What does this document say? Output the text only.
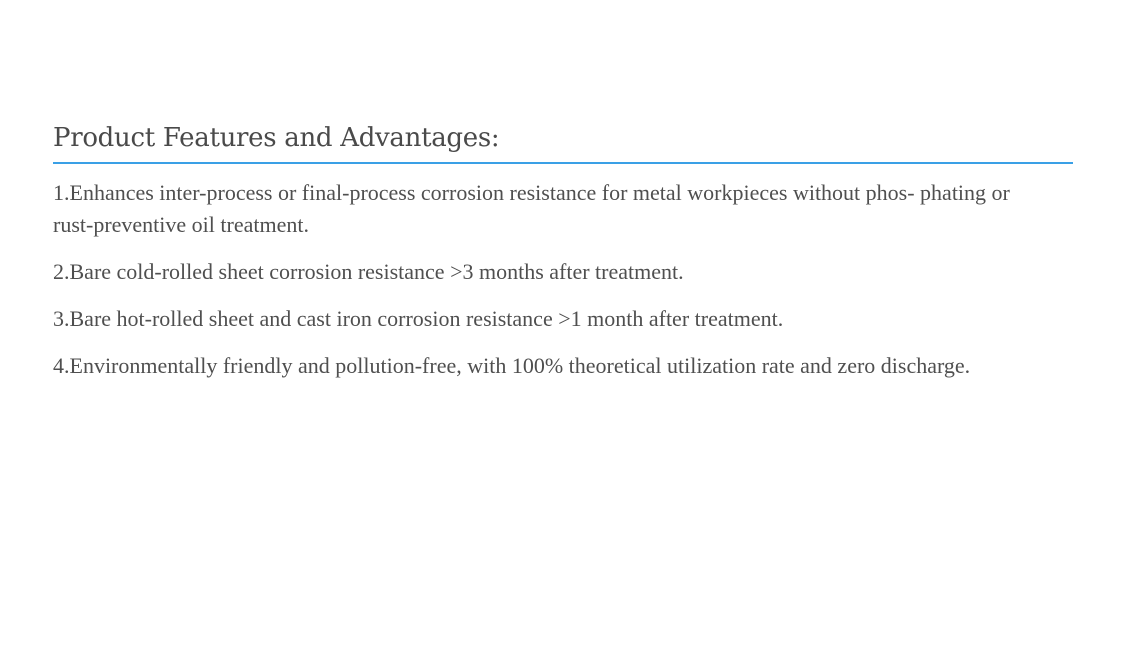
Product Features and Advantages:
1.Enhances inter-process or final-process corrosion resistance for metal workpieces without phos- phating or rust-preventive oil treatment.
2.Bare cold-rolled sheet corrosion resistance >3 months after treatment.
3.Bare hot-rolled sheet and cast iron corrosion resistance >1 month after treatment.
4.Environmentally friendly and pollution-free, with 100% theoretical utilization rate and zero discharge.
